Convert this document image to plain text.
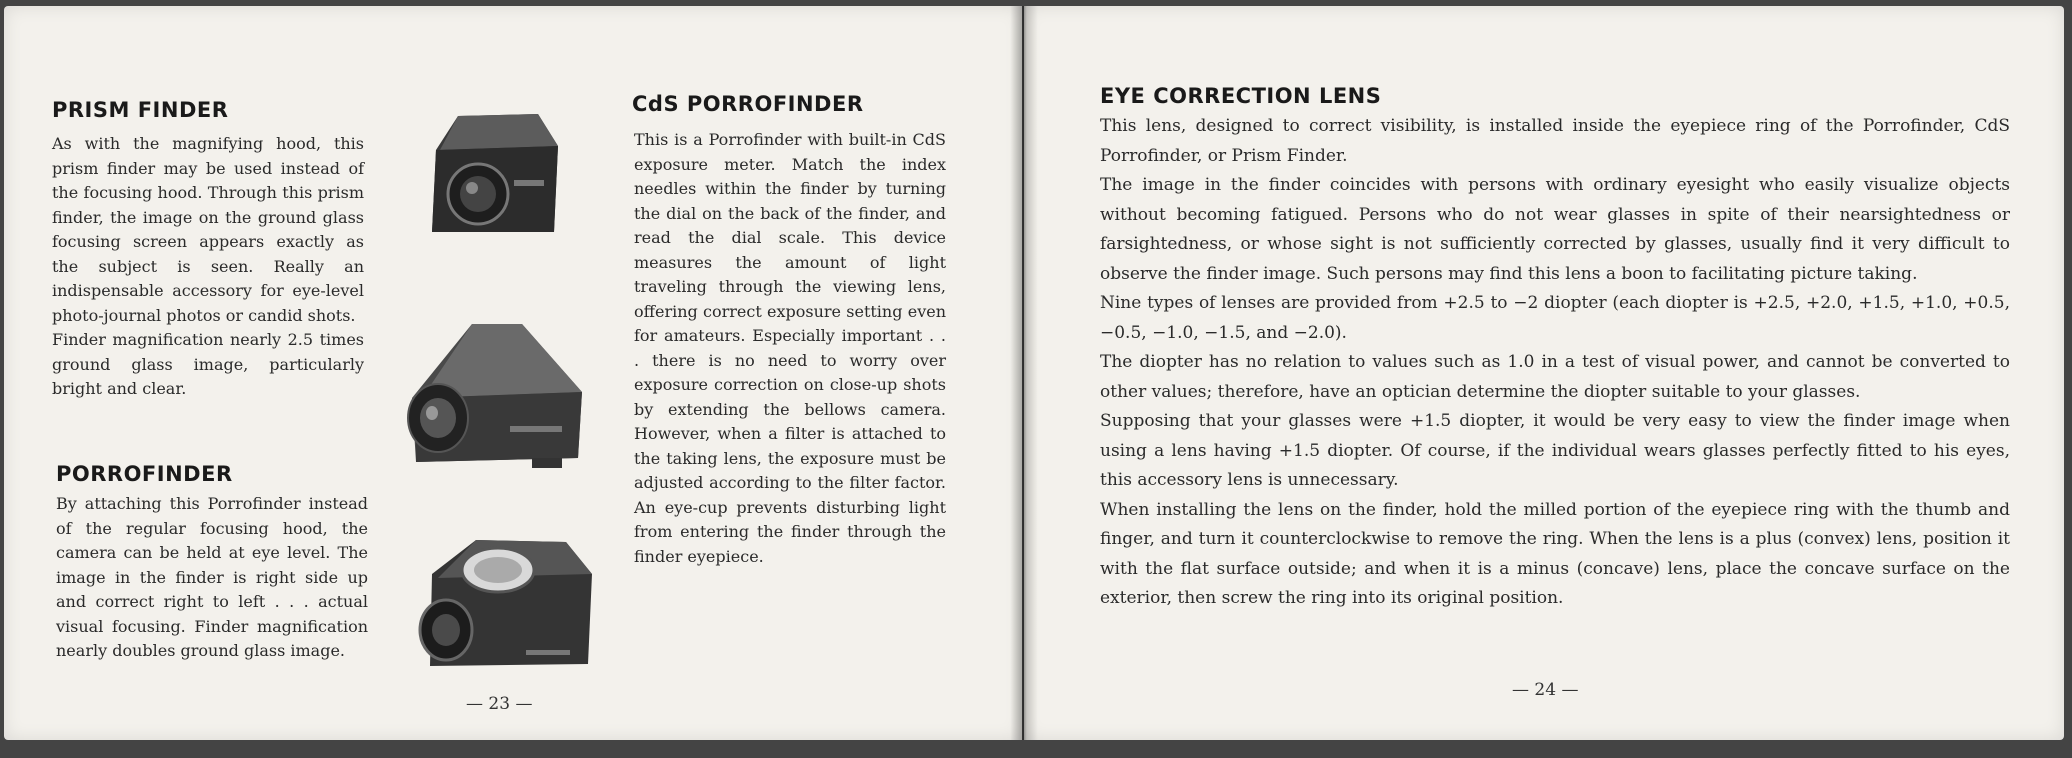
PRISM FINDER

As with the magnifying hood, this prism finder may be used instead of the focusing hood. Through this prism finder, the image on the ground glass focusing screen appears exactly as the subject is seen. Really an indispensable accessory for eye-level photo-journal photos or candid shots.

Finder magnification nearly 2.5 times ground glass image, particularly bright and clear.

PORROFINDER

By attaching this Porrofinder instead of the regular focusing hood, the camera can be held at eye level. The image in the finder is right side up and correct right to left . . . actual visual focusing. Finder magnification nearly doubles ground glass image.

CdS PORROFINDER

This is a Porrofinder with built-in CdS exposure meter. Match the index needles within the finder by turning the dial on the back of the finder, and read the dial scale. This device measures the amount of light traveling through the viewing lens, offering correct exposure setting even for amateurs. Especially important . . . there is no need to worry over exposure correction on close-up shots by extending the bellows camera. However, when a filter is attached to the taking lens, the exposure must be adjusted according to the filter factor. An eye-cup prevents disturbing light from entering the finder through the finder eyepiece.

— 23 —

EYE CORRECTION LENS

This lens, designed to correct visibility, is installed inside the eyepiece ring of the Porrofinder, CdS Porrofinder, or Prism Finder.

The image in the finder coincides with persons with ordinary eyesight who easily visualize objects without becoming fatigued. Persons who do not wear glasses in spite of their nearsightedness or farsightedness, or whose sight is not sufficiently corrected by glasses, usually find it very difficult to observe the finder image. Such persons may find this lens a boon to facilitating picture taking.

Nine types of lenses are provided from +2.5 to −2 diopter (each diopter is +2.5, +2.0, +1.5, +1.0, +0.5, −0.5, −1.0, −1.5, and −2.0).

The diopter has no relation to values such as 1.0 in a test of visual power, and cannot be converted to other values; therefore, have an optician determine the diopter suitable to your glasses.

Supposing that your glasses were +1.5 diopter, it would be very easy to view the finder image when using a lens having +1.5 diopter. Of course, if the individual wears glasses perfectly fitted to his eyes, this accessory lens is unnecessary.

When installing the lens on the finder, hold the milled portion of the eyepiece ring with the thumb and finger, and turn it counterclockwise to remove the ring. When the lens is a plus (convex) lens, position it with the flat surface outside; and when it is a minus (concave) lens, place the concave surface on the exterior, then screw the ring into its original position.

— 24 —
